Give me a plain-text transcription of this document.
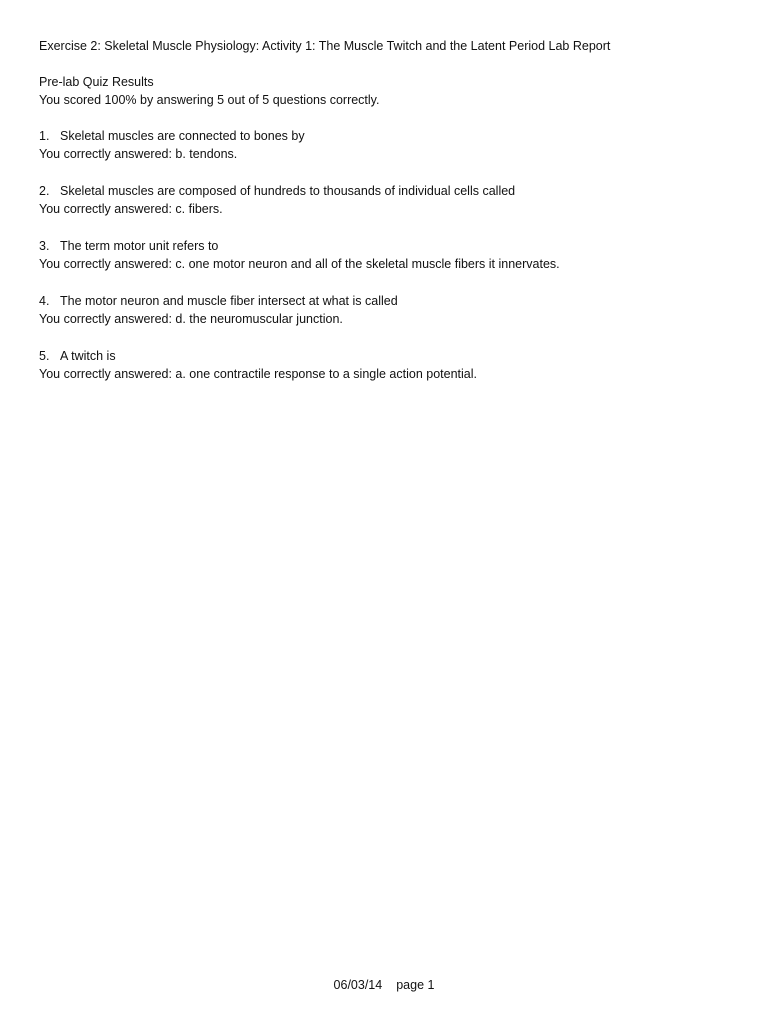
Exercise 2: Skeletal Muscle Physiology: Activity 1: The Muscle Twitch and the Latent Period Lab Report

Pre-lab Quiz Results

You scored 100% by answering 5 out of 5 questions correctly.

1. Skeletal muscles are connected to bones by

You correctly answered: b. tendons.

2. Skeletal muscles are composed of hundreds to thousands of individual cells called

You correctly answered: c. fibers.

3. The term motor unit refers to

You correctly answered: c. one motor neuron and all of the skeletal muscle fibers it innervates.

4. The motor neuron and muscle fiber intersect at what is called

You correctly answered: d. the neuromuscular junction.

5. A twitch is

You correctly answered: a. one contractile response to a single action potential.

06/03/14 page 1
